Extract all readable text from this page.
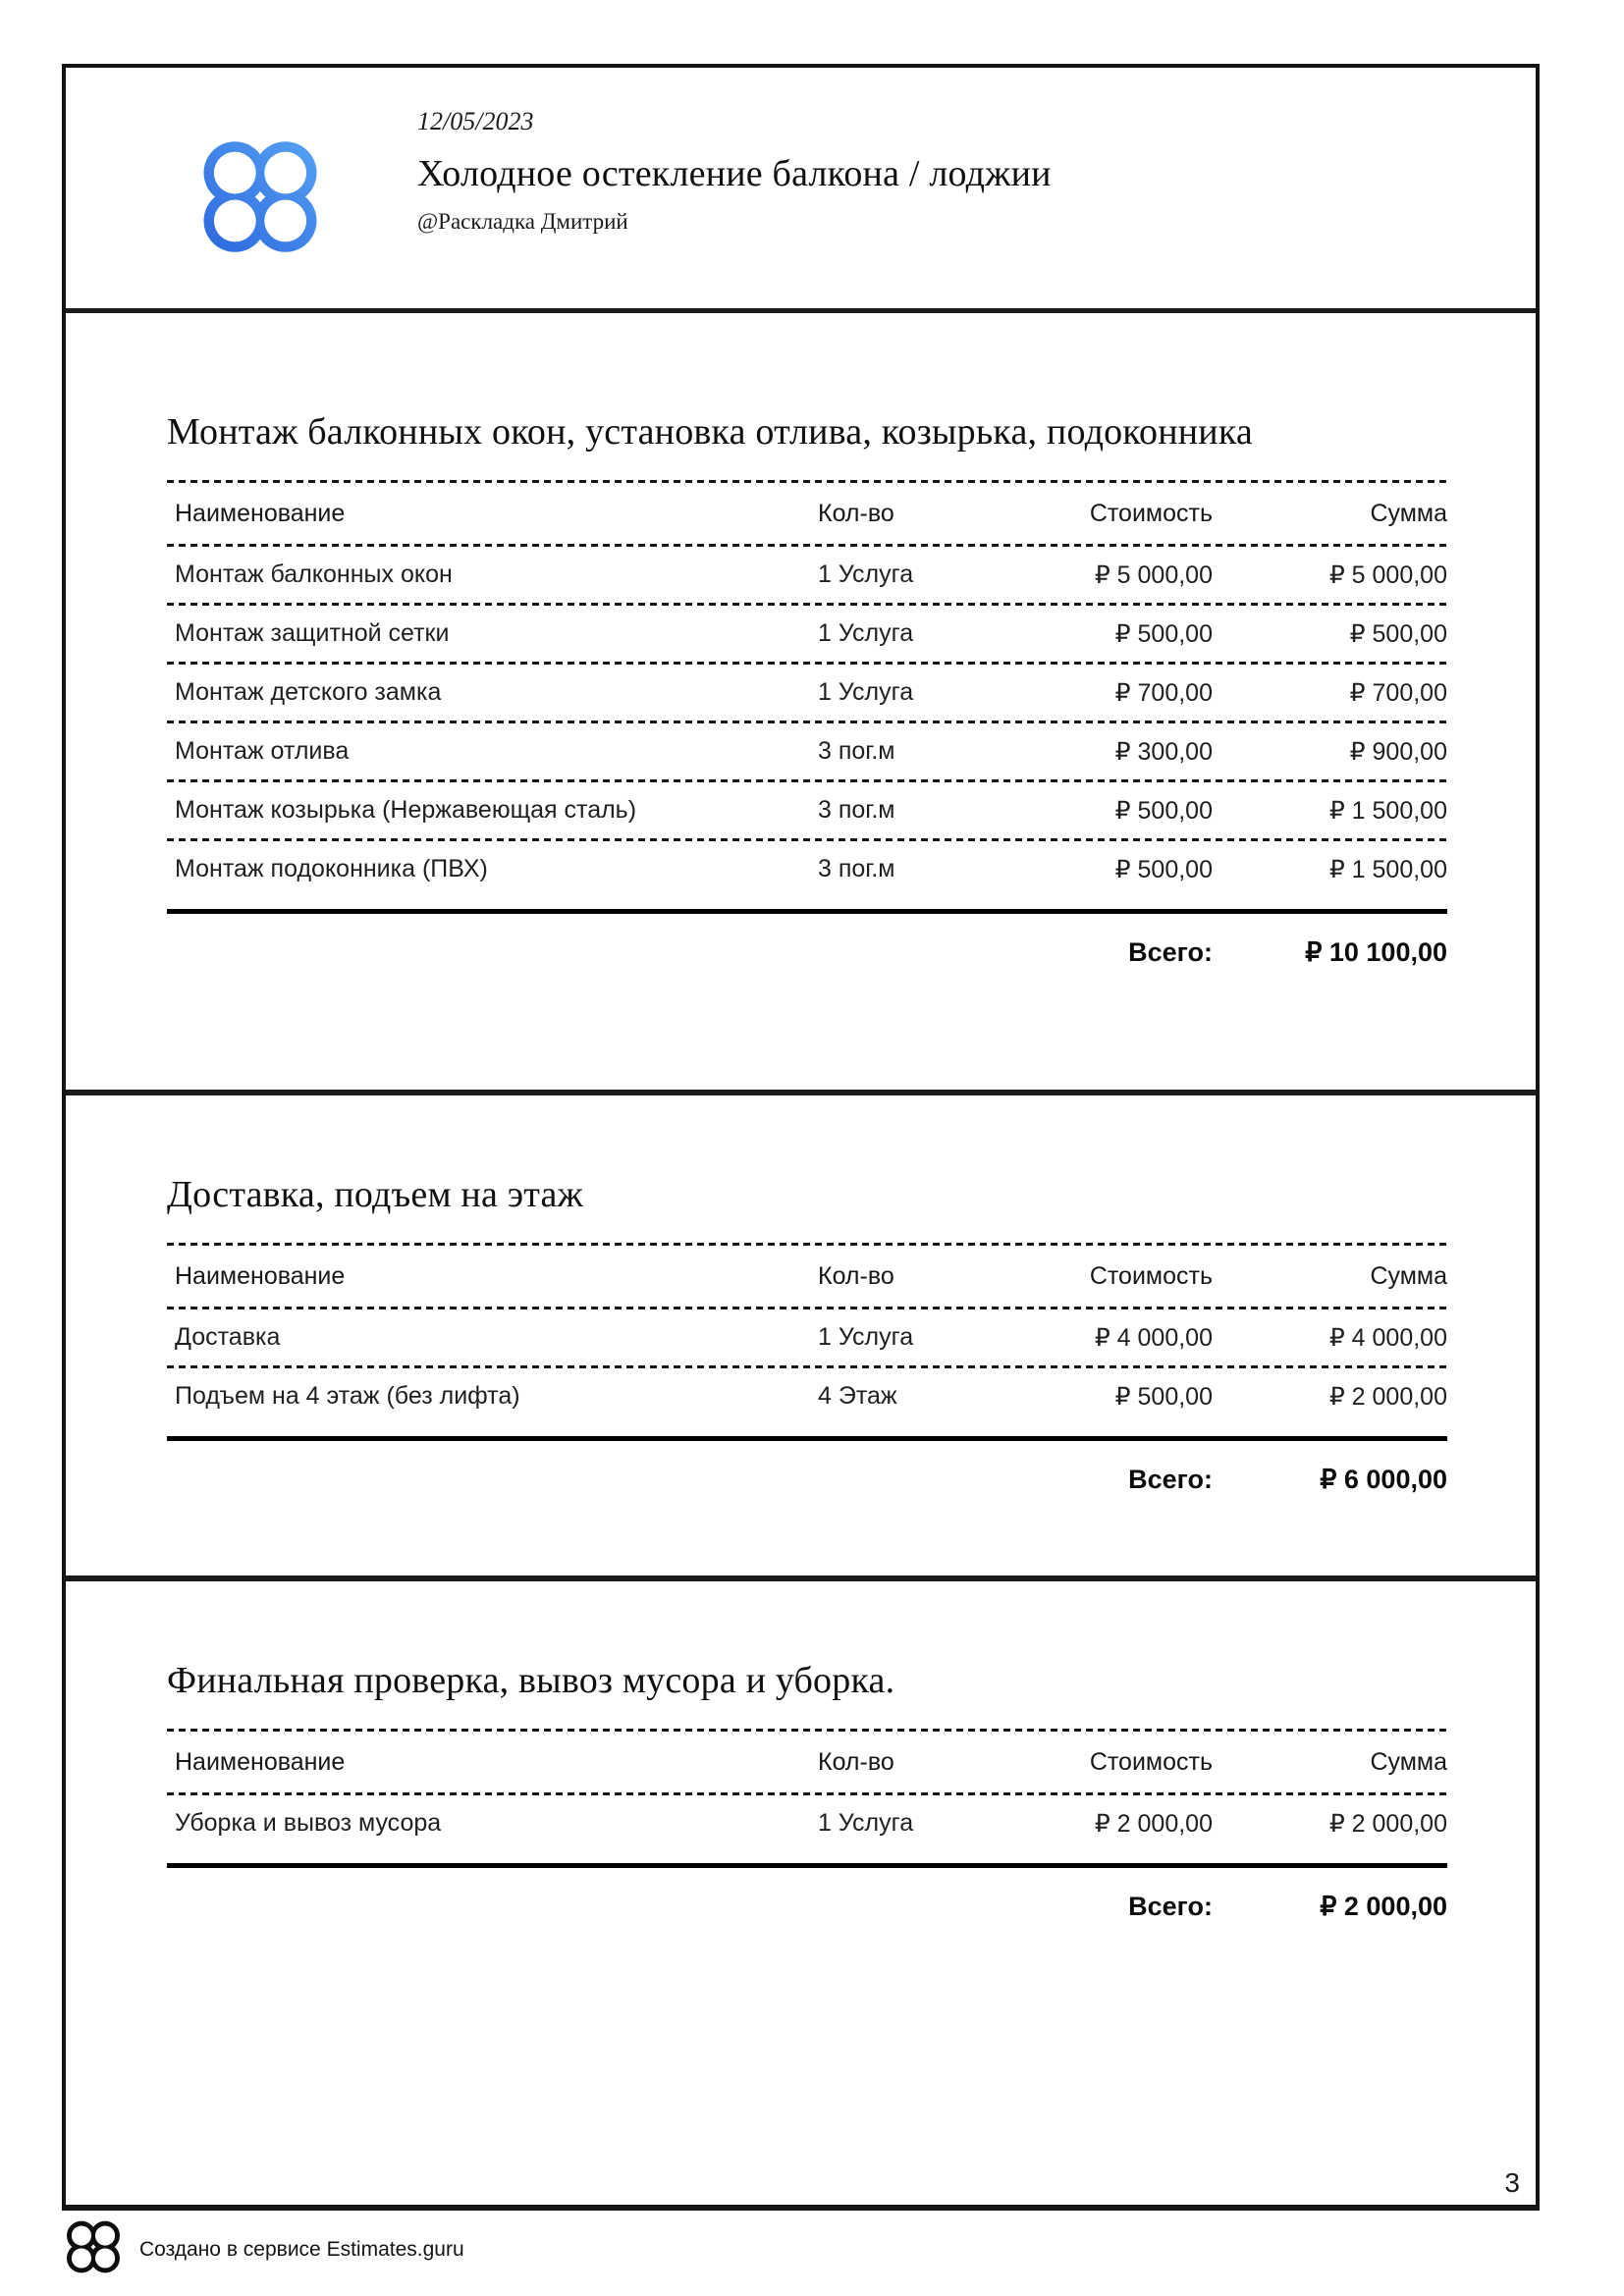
12/05/2023
Холодное остекление балкона / лоджии
@Раскладка Дмитрий
Монтаж балконных окон, установка отлива, козырька, подоконника
Наименование	Кол-во	Стоимость	Сумма
Монтаж балконных окон	1 Услуга	₽ 5 000,00	₽ 5 000,00
Монтаж защитной сетки	1 Услуга	₽ 500,00	₽ 500,00
Монтаж детского замка	1 Услуга	₽ 700,00	₽ 700,00
Монтаж отлива	3 пог.м	₽ 300,00	₽ 900,00
Монтаж козырька (Нержавеющая сталь)	3 пог.м	₽ 500,00	₽ 1 500,00
Монтаж подоконника (ПВХ)	3 пог.м	₽ 500,00	₽ 1 500,00
Всего:	₽ 10 100,00
Доставка, подъем на этаж
Наименование	Кол-во	Стоимость	Сумма
Доставка	1 Услуга	₽ 4 000,00	₽ 4 000,00
Подъем на 4 этаж (без лифта)	4 Этаж	₽ 500,00	₽ 2 000,00
Всего:	₽ 6 000,00
Финальная проверка, вывоз мусора и уборка.
Наименование	Кол-во	Стоимость	Сумма
Уборка и вывоз мусора	1 Услуга	₽ 2 000,00	₽ 2 000,00
Всего:	₽ 2 000,00
3
Создано в сервисе Estimates.guru
